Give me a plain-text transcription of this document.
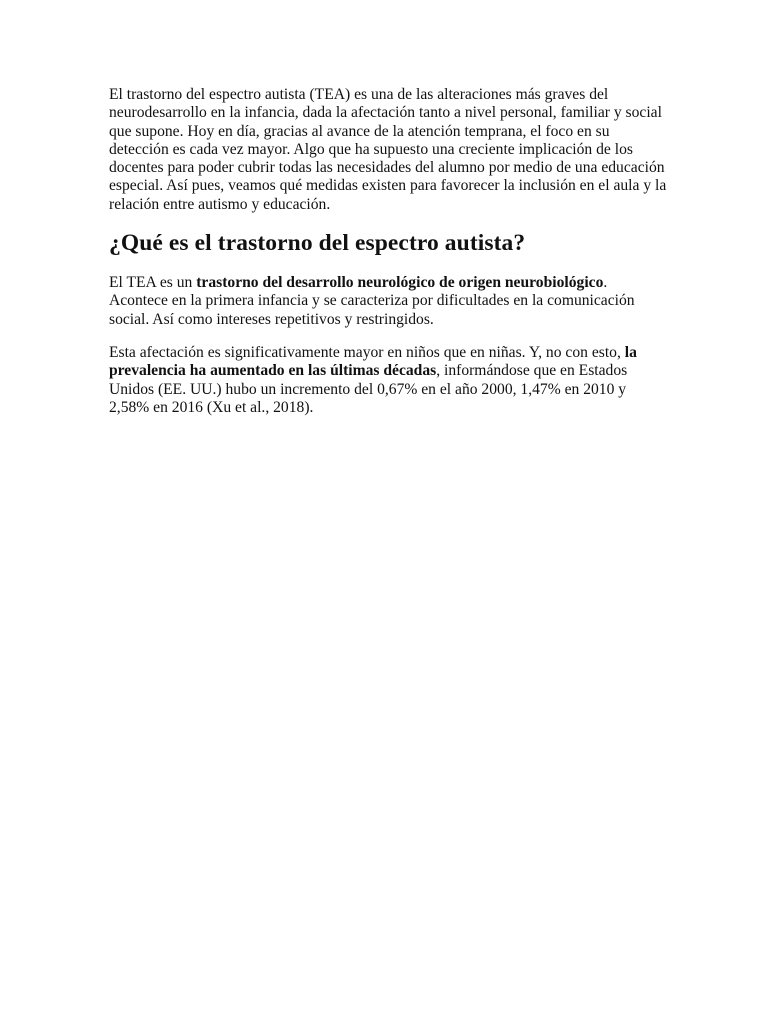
El trastorno del espectro autista (TEA) es una de las alteraciones más graves del neurodesarrollo en la infancia, dada la afectación tanto a nivel personal, familiar y social que supone. Hoy en día, gracias al avance de la atención temprana, el foco en su detección es cada vez mayor. Algo que ha supuesto una creciente implicación de los docentes para poder cubrir todas las necesidades del alumno por medio de una educación especial. Así pues, veamos qué medidas existen para favorecer la inclusión en el aula y la relación entre autismo y educación.

¿Qué es el trastorno del espectro autista?

El TEA es un trastorno del desarrollo neurológico de origen neurobiológico. Acontece en la primera infancia y se caracteriza por dificultades en la comunicación social. Así como intereses repetitivos y restringidos.

Esta afectación es significativamente mayor en niños que en niñas. Y, no con esto, la prevalencia ha aumentado en las últimas décadas, informándose que en Estados Unidos (EE. UU.) hubo un incremento del 0,67% en el año 2000, 1,47% en 2010 y 2,58% en 2016 (Xu et al., 2018).
